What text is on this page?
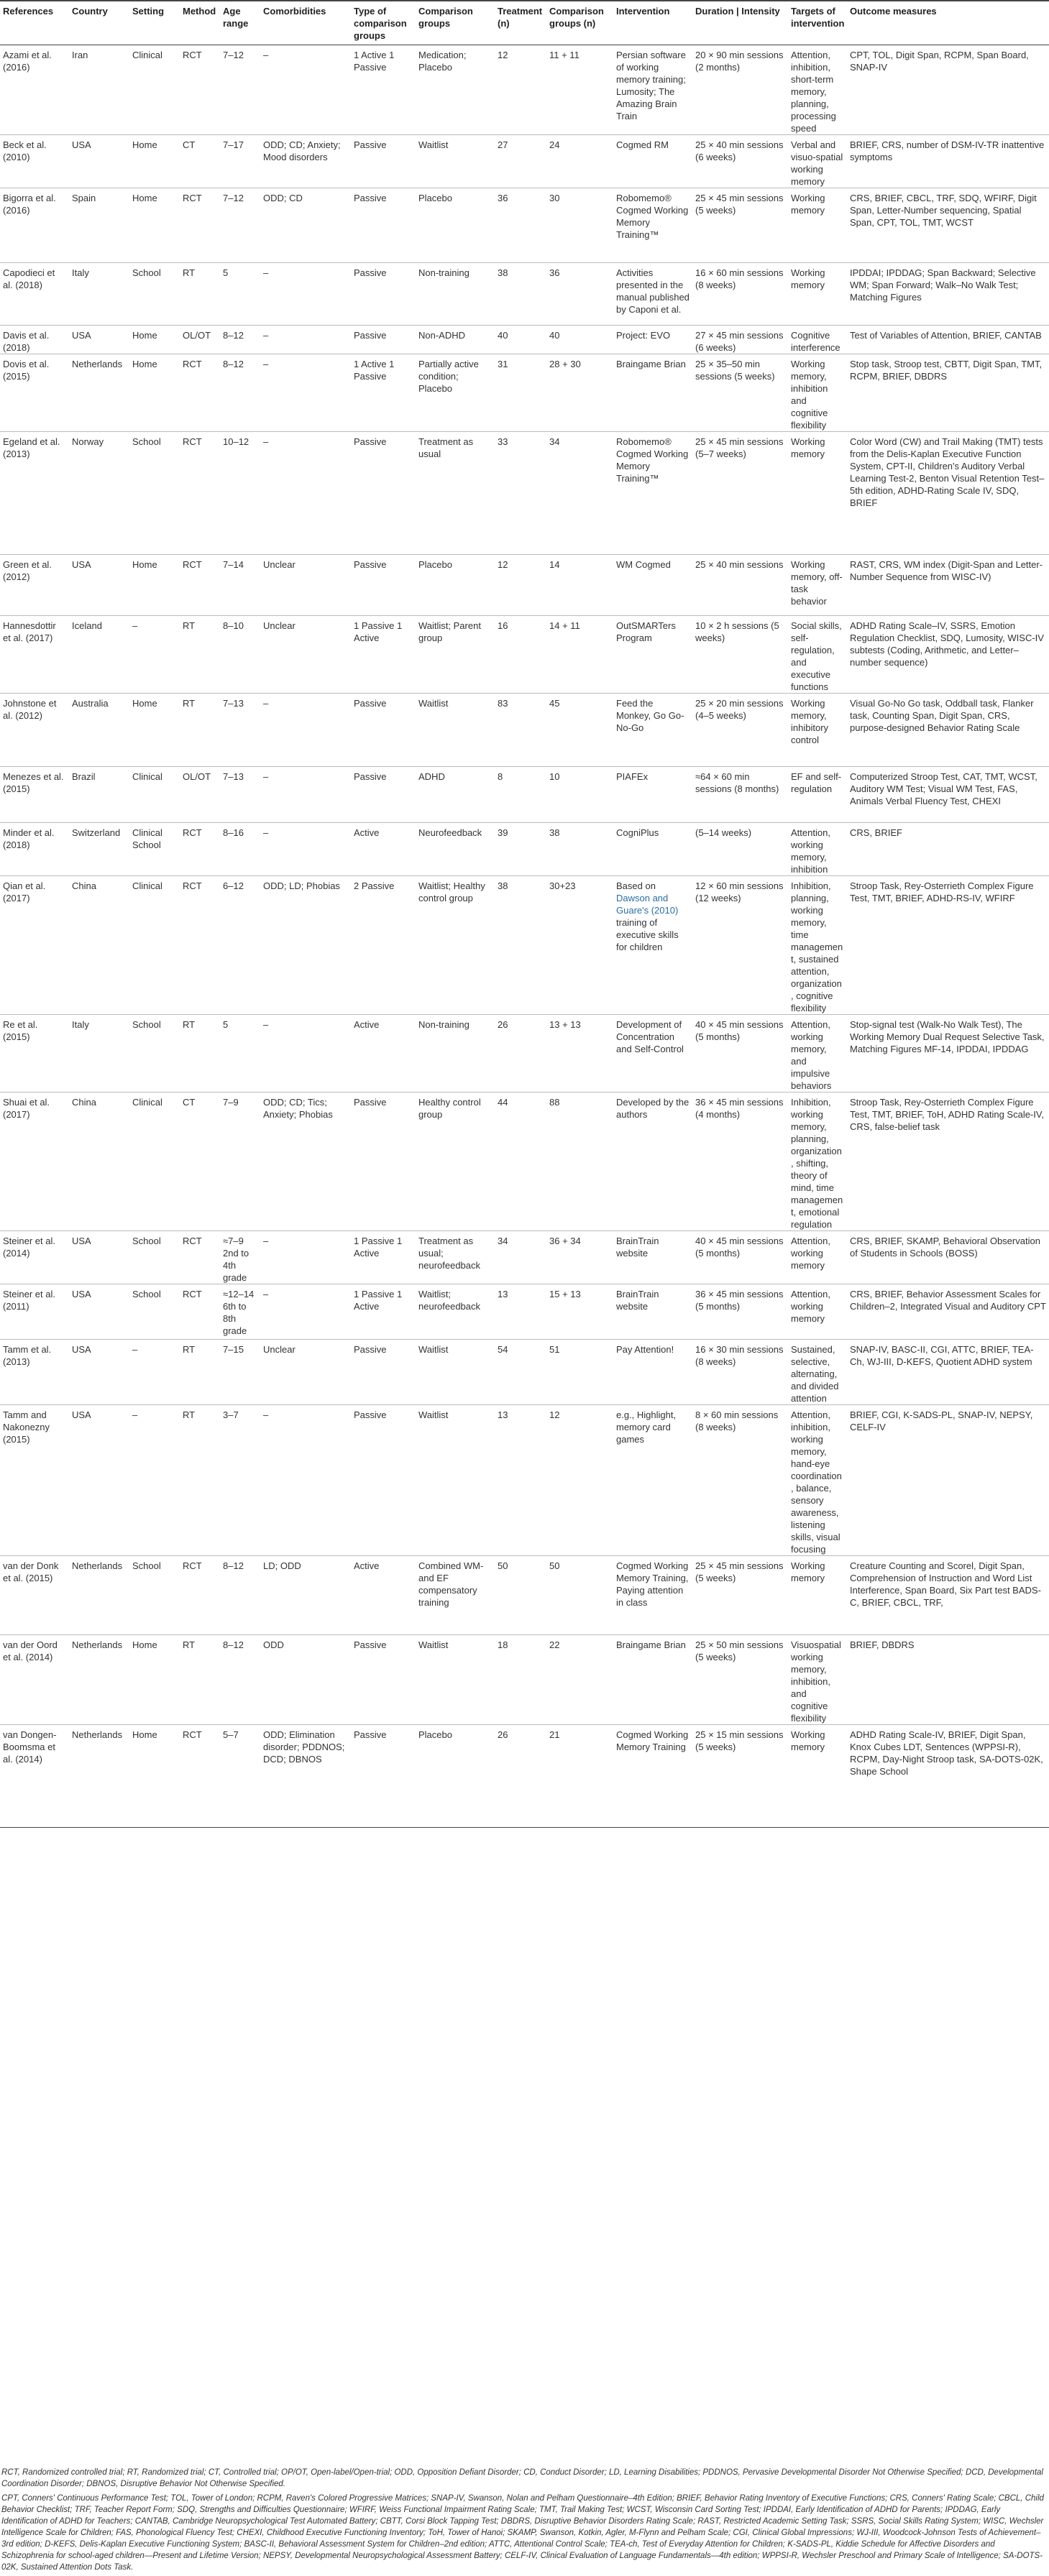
References	Country	Setting	Method	Age range	Comorbidities	Type of comparison groups	Comparison groups	Treatment (n)	Comparison groups (n)	Intervention	Duration | Intensity	Targets of intervention	Outcome measures
Azami et al. (2016)	Iran	Clinical	RCT	7–12	–	1 Active 1 Passive	Medication; Placebo	12	11 + 11	Persian software of working memory training; Lumosity; The Amazing Brain Train	20 × 90 min sessions (2 months)	Attention, inhibition, short-term memory, planning, processing speed	CPT, TOL, Digit Span, RCPM, Span Board, SNAP-IV
Beck et al. (2010)	USA	Home	CT	7–17	ODD; CD; Anxiety; Mood disorders	Passive	Waitlist	27	24	Cogmed RM	25 × 40 min sessions (6 weeks)	Verbal and visuo-spatial working memory	BRIEF, CRS, number of DSM-IV-TR inattentive symptoms
Bigorra et al. (2016)	Spain	Home	RCT	7–12	ODD; CD	Passive	Placebo	36	30	Robomemo® Cogmed Working Memory Training™	25 × 45 min sessions (5 weeks)	Working memory	CRS, BRIEF, CBCL, TRF, SDQ, WFIRF, Digit Span, Letter-Number sequencing, Spatial Span, CPT, TOL, TMT, WCST
Capodieci et al. (2018)	Italy	School	RT	5	–	Passive	Non-training	38	36	Activities presented in the manual published by Caponi et al.	16 × 60 min sessions (8 weeks)	Working memory	IPDDAI; IPDDAG; Span Backward; Selective WM; Span Forward; Walk–No Walk Test; Matching Figures
Davis et al. (2018)	USA	Home	OL/OT	8–12	–	Passive	Non-ADHD	40	40	Project: EVO	27 × 45 min sessions (6 weeks)	Cognitive interference	Test of Variables of Attention, BRIEF, CANTAB
Dovis et al. (2015)	Netherlands	Home	RCT	8–12	–	1 Active 1 Passive	Partially active condition; Placebo	31	28 + 30	Braingame Brian	25 × 35–50 min sessions (5 weeks)	Working memory, inhibition and cognitive flexibility	Stop task, Stroop test, CBTT, Digit Span, TMT, RCPM, BRIEF, DBDRS
Egeland et al. (2013)	Norway	School	RCT	10–12	–	Passive	Treatment as usual	33	34	Robomemo® Cogmed Working Memory Training™	25 × 45 min sessions (5–7 weeks)	Working memory	Color Word (CW) and Trail Making (TMT) tests from the Delis-Kaplan Executive Function System, CPT-II, Children's Auditory Verbal Learning Test-2, Benton Visual Retention Test–5th edition, ADHD-Rating Scale IV, SDQ, BRIEF
Green et al. (2012)	USA	Home	RCT	7–14	Unclear	Passive	Placebo	12	14	WM Cogmed	25 × 40 min sessions	Working memory, off-task behavior	RAST, CRS, WM index (Digit-Span and Letter-Number Sequence from WISC-IV)
Hannesdottir et al. (2017)	Iceland	–	RT	8–10	Unclear	1 Passive 1 Active	Waitlist; Parent group	16	14 + 11	OutSMARTers Program	10 × 2 h sessions (5 weeks)	Social skills, self-regulation, and executive functions	ADHD Rating Scale–IV, SSRS, Emotion Regulation Checklist, SDQ, Lumosity, WISC-IV subtests (Coding, Arithmetic, and Letter–number sequence)
Johnstone et al. (2012)	Australia	Home	RT	7–13	–	Passive	Waitlist	83	45	Feed the Monkey, Go Go-No-Go	25 × 20 min sessions (4–5 weeks)	Working memory, inhibitory control	Visual Go-No Go task, Oddball task, Flanker task, Counting Span, Digit Span, CRS, purpose-designed Behavior Rating Scale
Menezes et al. (2015)	Brazil	Clinical	OL/OT	7–13	–	Passive	ADHD	8	10	PIAFEx	≈64 × 60 min sessions (8 months)	EF and self-regulation	Computerized Stroop Test, CAT, TMT, WCST, Auditory WM Test; Visual WM Test, FAS, Animals Verbal Fluency Test, CHEXI
Minder et al. (2018)	Switzerland	Clinical School	RCT	8–16	–	Active	Neurofeedback	39	38	CogniPlus	(5–14 weeks)	Attention, working memory, inhibition	CRS, BRIEF
Qian et al. (2017)	China	Clinical	RCT	6–12	ODD; LD; Phobias	2 Passive	Waitlist; Healthy control group	38	30+23	Based on Dawson and Guare's (2010) training of executive skills for children	12 × 60 min sessions (12 weeks)	Inhibition, planning, working memory, time management, sustained attention, organization, cognitive flexibility	Stroop Task, Rey-Osterrieth Complex Figure Test, TMT, BRIEF, ADHD-RS-IV, WFIRF
Re et al. (2015)	Italy	School	RT	5	–	Active	Non-training	26	13 + 13	Development of Concentration and Self-Control	40 × 45 min sessions (5 months)	Attention, working memory, and impulsive behaviors	Stop-signal test (Walk-No Walk Test), The Working Memory Dual Request Selective Task, Matching Figures MF-14, IPDDAI, IPDDAG
Shuai et al. (2017)	China	Clinical	CT	7–9	ODD; CD; Tics; Anxiety; Phobias	Passive	Healthy control group	44	88	Developed by the authors	36 × 45 min sessions (4 months)	Inhibition, working memory, planning, organization, shifting, theory of mind, time management, emotional regulation	Stroop Task, Rey-Osterrieth Complex Figure Test, TMT, BRIEF, ToH, ADHD Rating Scale-IV, CRS, false-belief task
Steiner et al. (2014)	USA	School	RCT	≈7–9 2nd to 4th grade	–	1 Passive 1 Active	Treatment as usual; neurofeedback	34	36 + 34	BrainTrain website	40 × 45 min sessions (5 months)	Attention, working memory	CRS, BRIEF, SKAMP, Behavioral Observation of Students in Schools (BOSS)
Steiner et al. (2011)	USA	School	RCT	≈12–14 6th to 8th grade	–	1 Passive 1 Active	Waitlist; neurofeedback	13	15 + 13	BrainTrain website	36 × 45 min sessions (5 months)	Attention, working memory	CRS, BRIEF, Behavior Assessment Scales for Children–2, Integrated Visual and Auditory CPT
Tamm et al. (2013)	USA	–	RT	7–15	Unclear	Passive	Waitlist	54	51	Pay Attention!	16 × 30 min sessions (8 weeks)	Sustained, selective, alternating, and divided attention	SNAP-IV, BASC-II, CGI, ATTC, BRIEF, TEA-Ch, WJ-III, D-KEFS, Quotient ADHD system
Tamm and Nakonezny (2015)	USA	–	RT	3–7	–	Passive	Waitlist	13	12	e.g., Highlight, memory card games	8 × 60 min sessions (8 weeks)	Attention, inhibition, working memory, hand-eye coordination, balance, sensory awareness, listening skills, visual focusing	BRIEF, CGI, K-SADS-PL, SNAP-IV, NEPSY, CELF-IV
van der Donk et al. (2015)	Netherlands	School	RCT	8–12	LD; ODD	Active	Combined WM- and EF compensatory training	50	50	Cogmed Working Memory Training, Paying attention in class	25 × 45 min sessions (5 weeks)	Working memory	Creature Counting and Scorel, Digit Span, Comprehension of Instruction and Word List Interference, Span Board, Six Part test BADS-C, BRIEF, CBCL, TRF,
van der Oord et al. (2014)	Netherlands	Home	RT	8–12	ODD	Passive	Waitlist	18	22	Braingame Brian	25 × 50 min sessions (5 weeks)	Visuospatial working memory, inhibition, and cognitive flexibility	BRIEF, DBDRS
van Dongen-Boomsma et al. (2014)	Netherlands	Home	RCT	5–7	ODD; Elimination disorder; PDDNOS; DCD; DBNOS	Passive	Placebo	26	21	Cogmed Working Memory Training	25 × 15 min sessions (5 weeks)	Working memory	ADHD Rating Scale-IV, BRIEF, Digit Span, Knox Cubes LDT, Sentences (WPPSI-R), RCPM, Day-Night Stroop task, SA-DOTS-02K, Shape School

RCT, Randomized controlled trial; RT, Randomized trial; CT, Controlled trial; OP/OT, Open-label/Open-trial; ODD, Opposition Defiant Disorder; CD, Conduct Disorder; LD, Learning Disabilities; PDDNOS, Pervasive Developmental Disorder Not Otherwise Specified; DCD, Developmental Coordination Disorder; DBNOS, Disruptive Behavior Not Otherwise Specified.

CPT, Conners' Continuous Performance Test; TOL, Tower of London; RCPM, Raven's Colored Progressive Matrices; SNAP-IV, Swanson, Nolan and Pelham Questionnaire–4th Edition; BRIEF, Behavior Rating Inventory of Executive Functions; CRS, Conners' Rating Scale; CBCL, Child Behavior Checklist; TRF, Teacher Report Form; SDQ, Strengths and Difficulties Questionnaire; WFIRF, Weiss Functional Impairment Rating Scale; TMT, Trail Making Test; WCST, Wisconsin Card Sorting Test; IPDDAI, Early Identification of ADHD for Parents; IPDDAG, Early Identification of ADHD for Teachers; CANTAB, Cambridge Neuropsychological Test Automated Battery; CBTT, Corsi Block Tapping Test; DBDRS, Disruptive Behavior Disorders Rating Scale; RAST, Restricted Academic Setting Task; SSRS, Social Skills Rating System; WISC, Wechsler Intelligence Scale for Children; FAS, Phonological Fluency Test; CHEXI, Childhood Executive Functioning Inventory; ToH, Tower of Hanoi; SKAMP, Swanson, Kotkin, Agler, M-Flynn and Pelham Scale; CGI, Clinical Global Impressions; WJ-III, Woodcock-Johnson Tests of Achievement–3rd edition; D-KEFS, Delis-Kaplan Executive Functioning System; BASC-II, Behavioral Assessment System for Children–2nd edition; ATTC, Attentional Control Scale; TEA-ch, Test of Everyday Attention for Children; K-SADS-PL, Kiddie Schedule for Affective Disorders and Schizophrenia for school-aged children—Present and Lifetime Version; NEPSY, Developmental Neuropsychological Assessment Battery; CELF-IV, Clinical Evaluation of Language Fundamentals—4th edition; WPPSI-R, Wechsler Preschool and Primary Scale of Intelligence; SA-DOTS-02K, Sustained Attention Dots Task.
